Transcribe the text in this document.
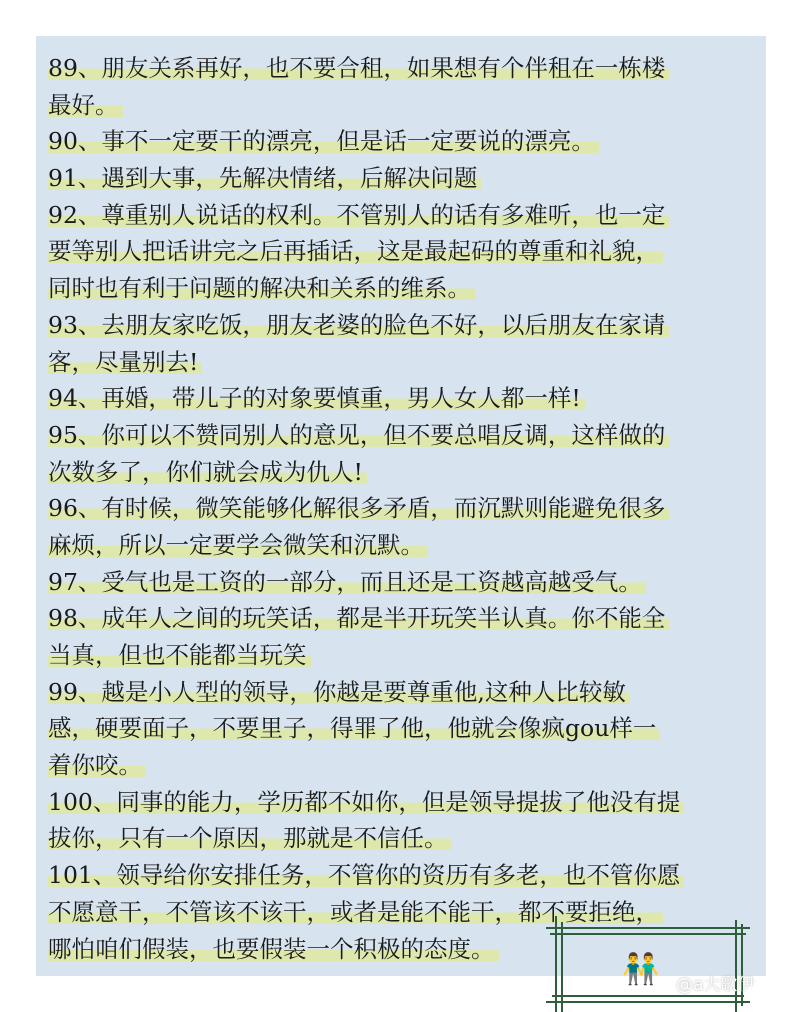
89、朋友关系再好，也不要合租，如果想有个伴租在一栋楼
最好。
90、事不一定要干的漂亮，但是话一定要说的漂亮。
91、遇到大事，先解决情绪，后解决问题
92、尊重别人说话的权利。不管别人的话有多难听，也一定
要等别人把话讲完之后再插话，这是最起码的尊重和礼貌，
同时也有利于问题的解决和关系的维系。
93、去朋友家吃饭，朋友老婆的脸色不好，以后朋友在家请
客，尽量别去!
94、再婚，带儿子的对象要慎重，男人女人都一样!
95、你可以不赞同别人的意见，但不要总唱反调，这样做的
次数多了，你们就会成为仇人!
96、有时候，微笑能够化解很多矛盾，而沉默则能避免很多
麻烦，所以一定要学会微笑和沉默。
97、受气也是工资的一部分，而且还是工资越高越受气。
98、成年人之间的玩笑话，都是半开玩笑半认真。你不能全
当真，但也不能都当玩笑
99、越是小人型的领导，你越是要尊重他,这种人比较敏
感，硬要面子，不要里子，得罪了他，他就会像疯gou样一
着你咬。
100、同事的能力，学历都不如你，但是领导提拔了他没有提
拔你，只有一个原因，那就是不信任。
101、领导给你安排任务，不管你的资历有多老，也不管你愿
不愿意干，不管该不该干，或者是能不能干，都不要拒绝，
哪怕咱们假装，也要假装一个积极的态度。
👬 @a大歌伊
